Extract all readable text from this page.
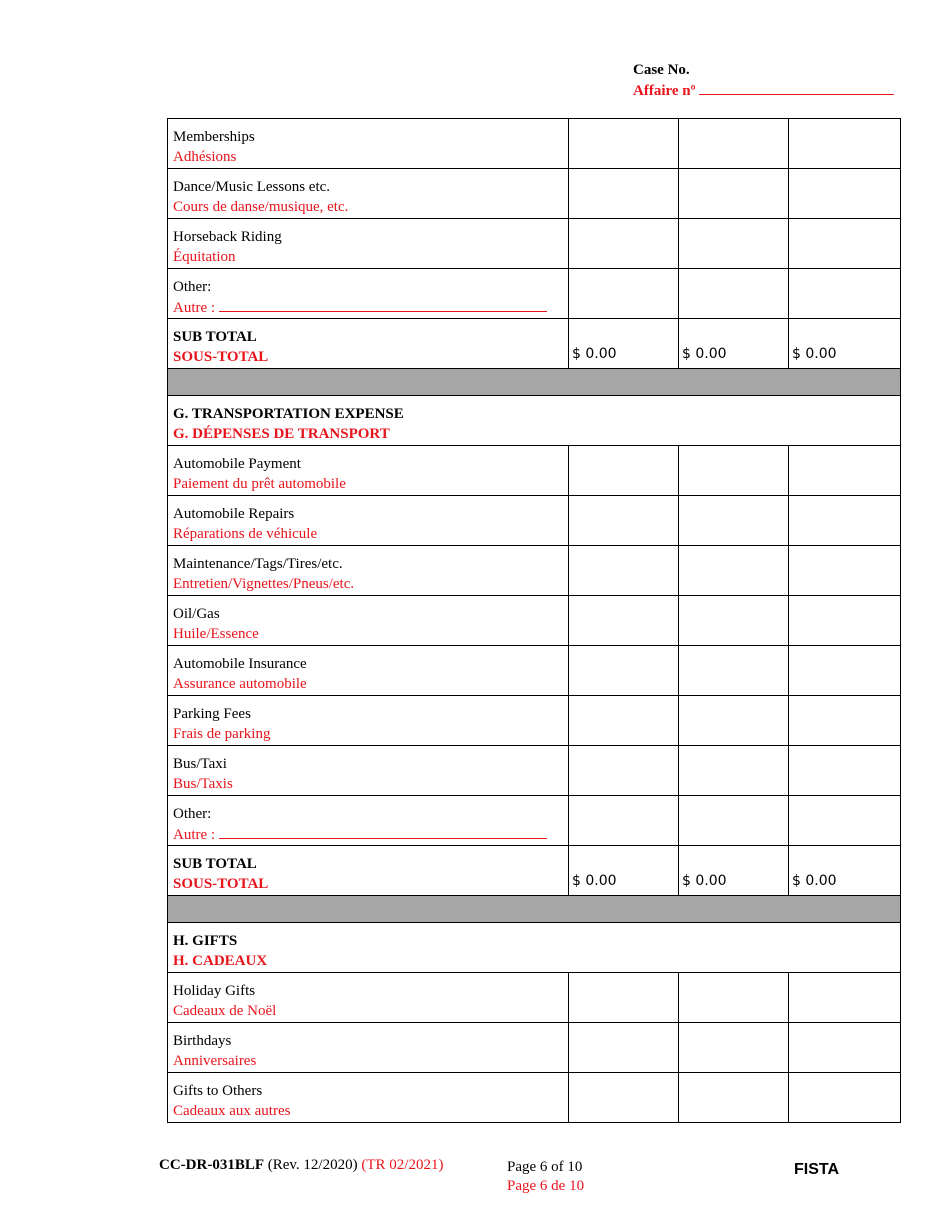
Case No.
Affaire nº
Memberships
Adhésions			

Dance/Music Lessons etc.
Cours de danse/musique, etc.			

Horseback Riding
Équitation			

Other:
Autre :			

SUB TOTAL
SOUS-TOTAL	$ 0.00	$ 0.00	$ 0.00

G. TRANSPORTATION EXPENSE
G. DÉPENSES DE TRANSPORT			

Automobile Payment
Paiement du prêt automobile			

Automobile Repairs
Réparations de véhicule			

Maintenance/Tags/Tires/etc.
Entretien/Vignettes/Pneus/etc.			

Oil/Gas
Huile/Essence			

Automobile Insurance
Assurance automobile			

Parking Fees
Frais de parking			

Bus/Taxi
Bus/Taxis			

Other:
Autre :			

SUB TOTAL
SOUS-TOTAL	$ 0.00	$ 0.00	$ 0.00

H. GIFTS
H. CADEAUX			

Holiday Gifts
Cadeaux de Noël			

Birthdays
Anniversaires			

Gifts to Others
Cadeaux aux autres			

CC-DR-031BLF (Rev. 12/2020) (TR 02/2021)	Page 6 of 10
Page 6 de 10
FISTA
